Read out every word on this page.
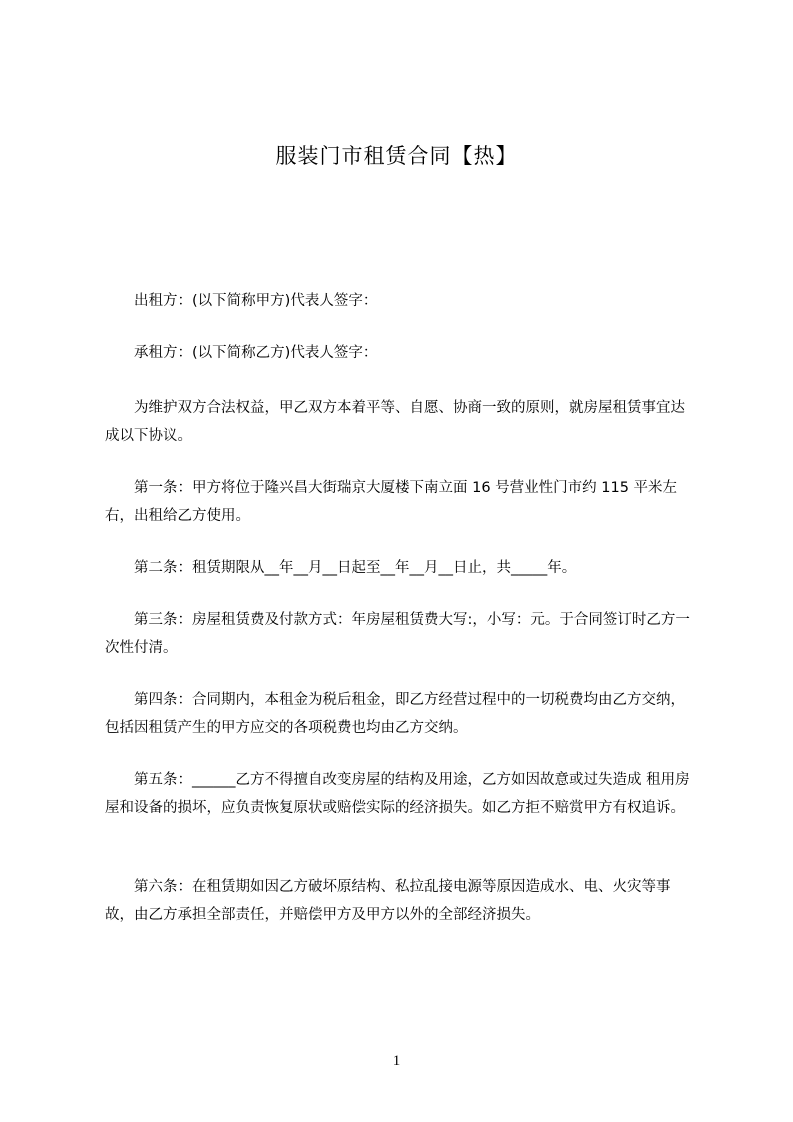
服装门市租赁合同【热】

出租方：(以下简称甲方)代表人签字：

承租方：(以下简称乙方)代表人签字：

为维护双方合法权益，甲乙双方本着平等、自愿、协商一致的原则，就房屋租赁事宜达成以下协议。

第一条：甲方将位于隆兴昌大街瑞京大厦楼下南立面 16 号营业性门市约 115 平米左右，出租给乙方使用。

第二条：租赁期限从__年__月__日起至__年__月__日止，共_____年。

第三条：房屋租赁费及付款方式：年房屋租赁费大写:，小写：元。于合同签订时乙方一次性付清。

第四条：合同期内，本租金为税后租金，即乙方经营过程中的一切税费均由乙方交纳，包括因租赁产生的甲方应交的各项税费也均由乙方交纳。

第五条：______乙方不得擅自改变房屋的结构及用途，乙方如因故意或过失造成 租用房屋和设备的损坏，应负责恢复原状或赔偿实际的经济损失。如乙方拒不赔赏甲方有权追诉。

第六条：在租赁期如因乙方破坏原结构、私拉乱接电源等原因造成水、电、火灾等事故，由乙方承担全部责任，并赔偿甲方及甲方以外的全部经济损失。

1
